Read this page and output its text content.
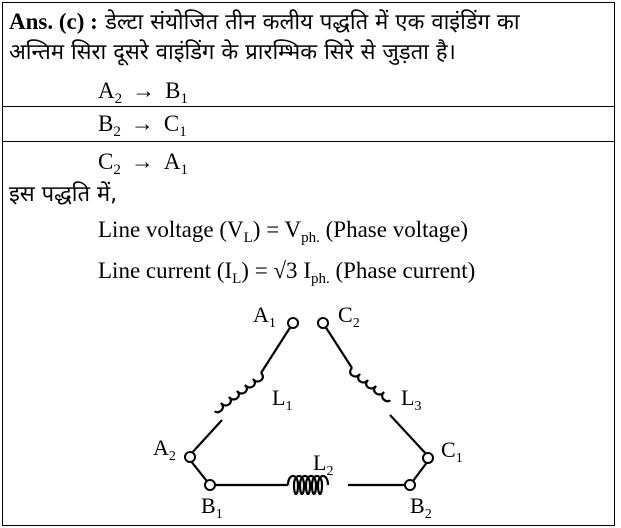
Ans. (c) : डेल्टा संयोजित तीन कलीय पद्धति में एक वाइंडिंग का
अन्तिम सिरा दूसरे वाइंडिंग के प्रारम्भिक सिरे से जुड़ता है।
$A_2 \to B_1$
$B_2 \to C_1$
$C_2 \to A_1$
इस पद्धति में,
Line voltage $(V_L) = V_{ph.}$ (Phase voltage)
Line current $(I_L) = √3$ $I_{ph.}$ (Phase current)
$A_1$	$C_2$
$A_2$	$C_1$
$B_1$	$B_2$
$L_1$
$L_2$
$L_3$
